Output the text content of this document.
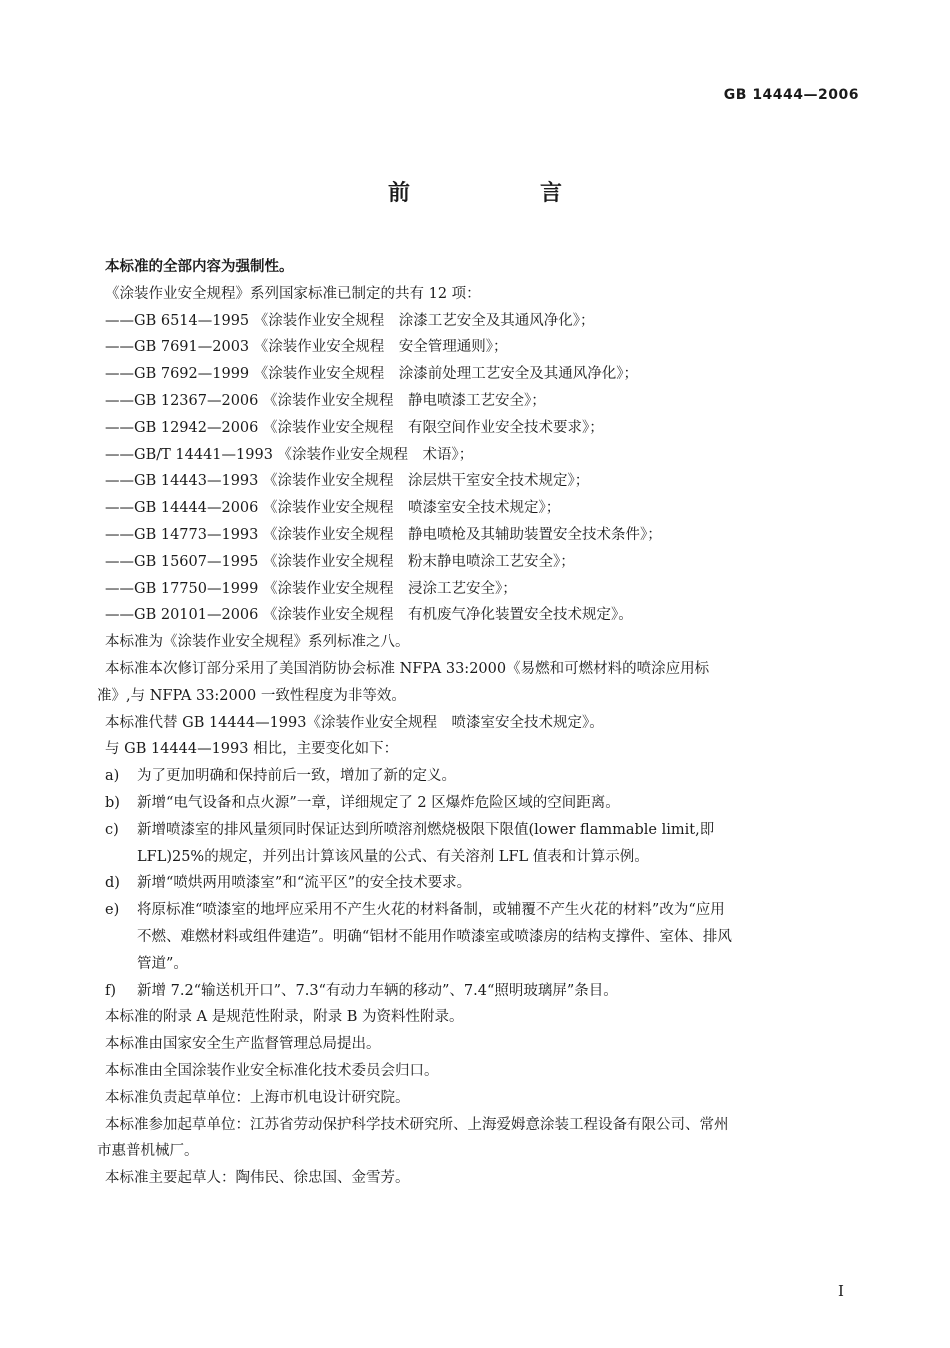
GB 14444—2006
前　言
本标准的全部内容为强制性。
《涂装作业安全规程》系列国家标准已制定的共有 12 项：
——GB 6514—1995 《涂装作业安全规程　涂漆工艺安全及其通风净化》；
——GB 7691—2003 《涂装作业安全规程　安全管理通则》；
——GB 7692—1999 《涂装作业安全规程　涂漆前处理工艺安全及其通风净化》；
——GB 12367—2006 《涂装作业安全规程　静电喷漆工艺安全》；
——GB 12942—2006 《涂装作业安全规程　有限空间作业安全技术要求》；
——GB/T 14441—1993 《涂装作业安全规程　术语》；
——GB 14443—1993 《涂装作业安全规程　涂层烘干室安全技术规定》；
——GB 14444—2006 《涂装作业安全规程　喷漆室安全技术规定》；
——GB 14773—1993 《涂装作业安全规程　静电喷枪及其辅助装置安全技术条件》；
——GB 15607—1995 《涂装作业安全规程　粉末静电喷涂工艺安全》；
——GB 17750—1999 《涂装作业安全规程　浸涂工艺安全》；
——GB 20101—2006 《涂装作业安全规程　有机废气净化装置安全技术规定》。
本标准为《涂装作业安全规程》系列标准之八。
本标准本次修订部分采用了美国消防协会标准 NFPA 33:2000《易燃和可燃材料的喷涂应用标
准》,与 NFPA 33:2000 一致性程度为非等效。
本标准代替 GB 14444—1993《涂装作业安全规程　喷漆室安全技术规定》。
与 GB 14444—1993 相比，主要变化如下：
a)	为了更加明确和保持前后一致，增加了新的定义。
b)	新增“电气设备和点火源”一章，详细规定了 2 区爆炸危险区域的空间距离。
c)	新增喷漆室的排风量须同时保证达到所喷溶剂燃烧极限下限值(lower flammable limit,即
LFL)25%的规定，并列出计算该风量的公式、有关溶剂 LFL 值表和计算示例。
d)	新增“喷烘两用喷漆室”和“流平区”的安全技术要求。
e)	将原标准“喷漆室的地坪应采用不产生火花的材料备制，或辅覆不产生火花的材料”改为“应用
不燃、难燃材料或组件建造”。明确“铝材不能用作喷漆室或喷漆房的结构支撑件、室体、排风
管道”。
f)	新增 7.2“输送机开口”、7.3“有动力车辆的移动”、7.4“照明玻璃屏”条目。
本标准的附录 A 是规范性附录，附录 B 为资料性附录。
本标准由国家安全生产监督管理总局提出。
本标准由全国涂装作业安全标准化技术委员会归口。
本标准负责起草单位：上海市机电设计研究院。
本标准参加起草单位：江苏省劳动保护科学技术研究所、上海爱姆意涂装工程设备有限公司、常州
市惠普机械厂。
本标准主要起草人：陶伟民、徐忠国、金雪芳。
I
